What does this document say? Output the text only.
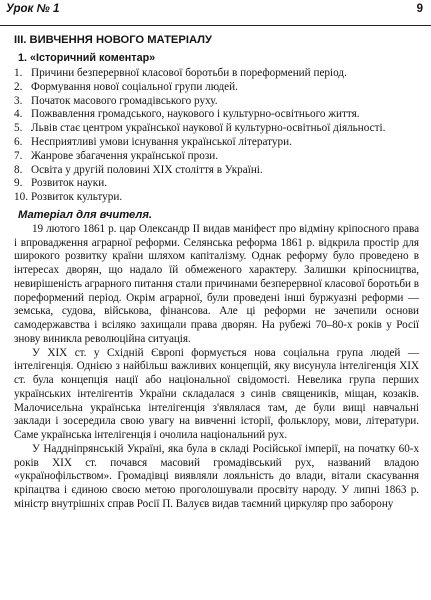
Урок № 1	9
ІІІ. ВИВЧЕННЯ НОВОГО МАТЕРІАЛУ
1. «Історичний коментар»
1. Причини безперервної класової боротьби в пореформений період.
2. Формування нової соціальної групи людей.
3. Початок масового громадівського руху.
4. Пожвавлення громадського, наукового і культурно-освітнього життя.
5. Львів стає центром української наукової й культурно-освітньої діяльності.
6. Несприятливі умови існування української літератури.
7. Жанрове збагачення української прози.
8. Освіта у другій половині ХІХ століття в Україні.
9. Розвиток науки.
10. Розвиток культури.
Матеріал для вчителя.

19 лютого 1861 р. цар Олександр ІІ видав маніфест про відміну кріпосного права і впровадження аграрної реформи. Селянська реформа 1861 р. відкрила простір для широкого розвитку країни шляхом капіталізму. Однак реформу було проведено в інтересах дворян, що надало їй обмеженого характеру. Залишки кріпосництва, невирішеність аграрного питання стали причинами безперервної класової боротьби в пореформений період. Окрім аграрної, були проведені інші буржуазні реформи — земська, судова, військова, фінансова. Але ці реформи не зачепили основи самодержавства і всіляко захищали права дворян. На рубежі 70–80-х років у Росії знову виникла революційна ситуація.

У ХІХ ст. у Східній Європі формується нова соціальна група людей — інтелігенція. Однією з найбільш важливих концепцій, яку висунула інтелігенція ХІХ ст. була концепція нації або національної свідомості. Невелика група перших українських інтелігентів України складалася з синів священиків, міщан, козаків. Малочисельна українська інтелігенція з'являлася там, де були вищі навчальні заклади і зосередила свою увагу на вивченні історії, фольклору, мови, літератури. Саме українська інтелігенція і очолила національний рух.

У Наддніпрянській Україні, яка була в складі Російської імперії, на початку 60-х років ХІХ ст. почався масовий громадівський рух, названий владою «українофільством». Громадівці виявляли лояльність до влади, вітали скасування кріпацтва і єдиною своєю метою проголошували просвіту народу. У липні 1863 р. міністр внутрішніх справ Росії П. Валуєв видав таємний циркуляр про заборону
